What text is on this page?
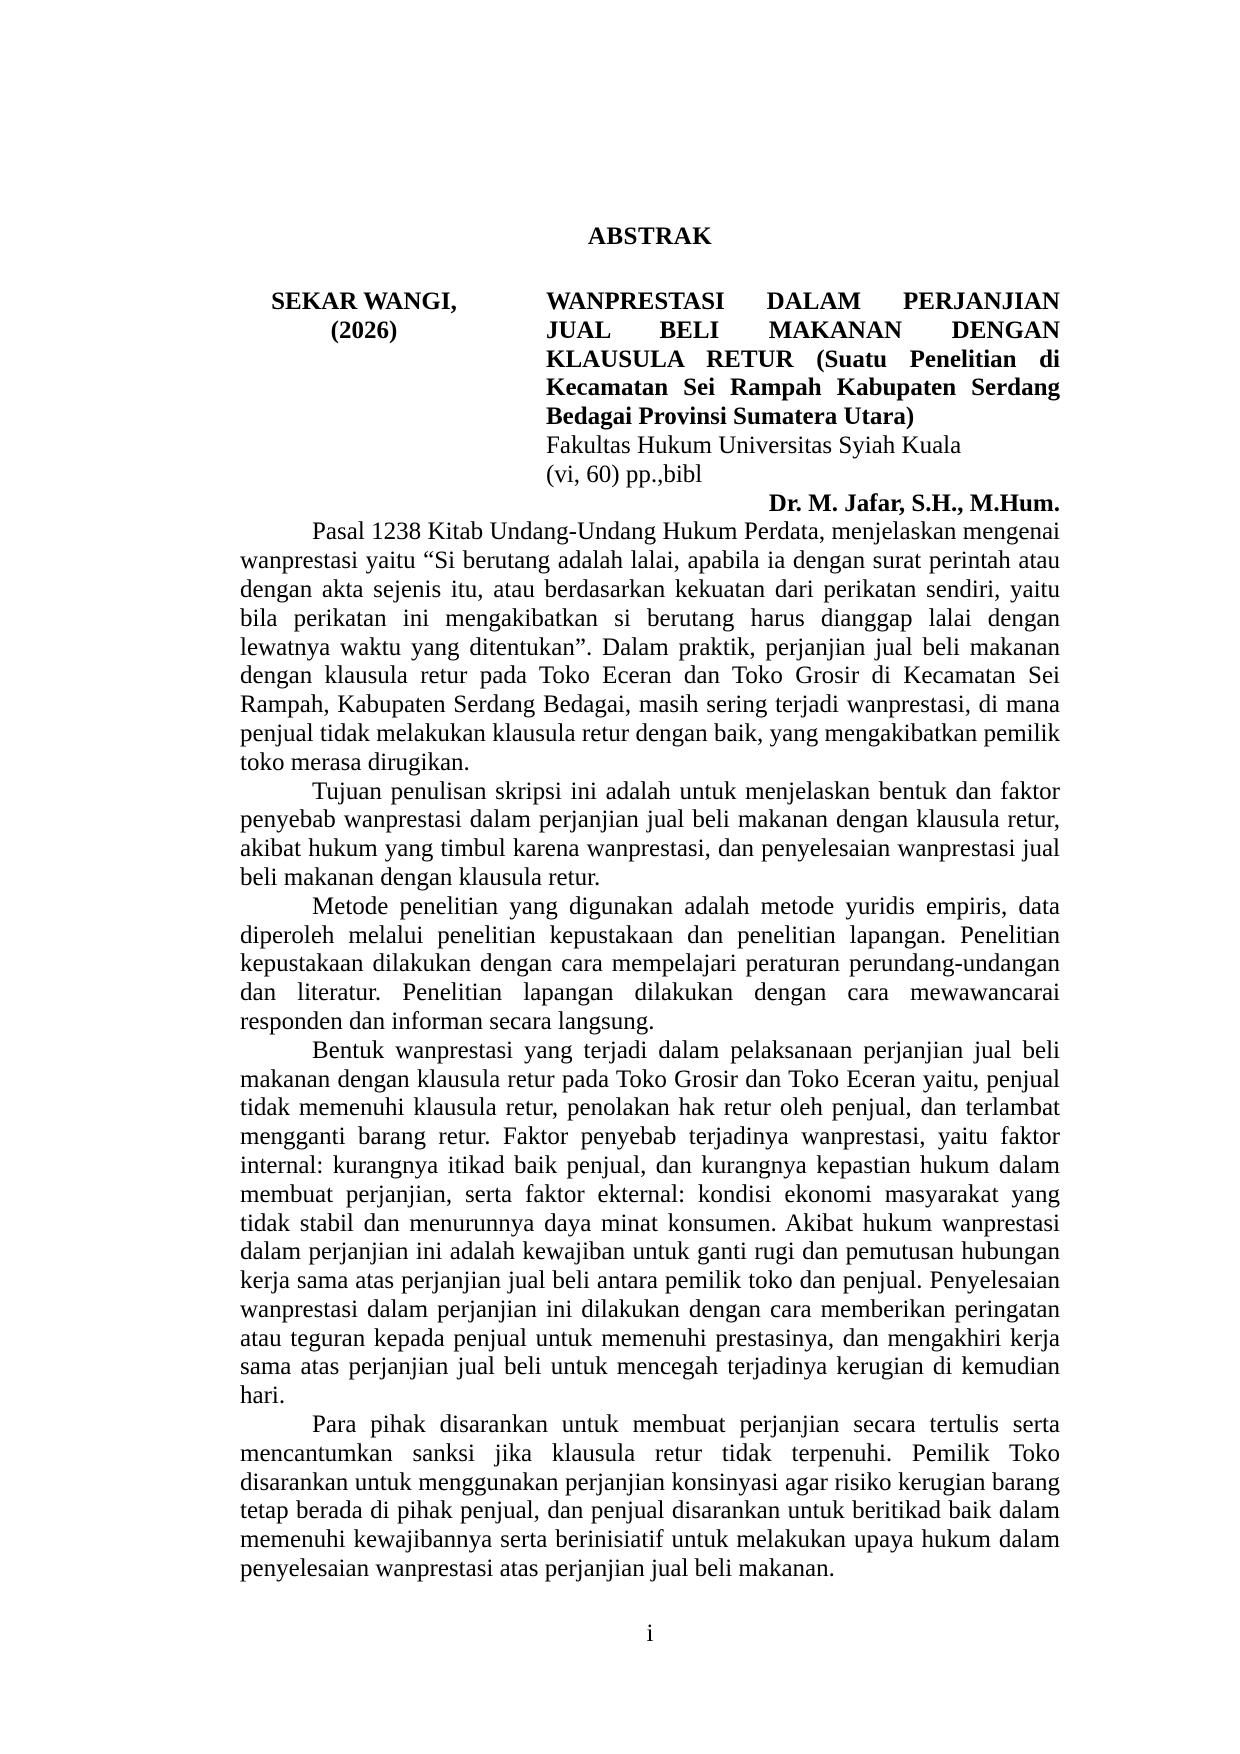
ABSTRAK
SEKAR WANGI,
(2026)
WANPRESTASI DALAM PERJANJIAN JUAL BELI MAKANAN DENGAN KLAUSULA RETUR (Suatu Penelitian di Kecamatan Sei Rampah Kabupaten Serdang Bedagai Provinsi Sumatera Utara)
Fakultas Hukum Universitas Syiah Kuala
(vi, 60) pp.,bibl
Dr. M. Jafar, S.H., M.Hum.

Pasal 1238 Kitab Undang-Undang Hukum Perdata, menjelaskan mengenai wanprestasi yaitu “Si berutang adalah lalai, apabila ia dengan surat perintah atau dengan akta sejenis itu, atau berdasarkan kekuatan dari perikatan sendiri, yaitu bila perikatan ini mengakibatkan si berutang harus dianggap lalai dengan lewatnya waktu yang ditentukan”. Dalam praktik, perjanjian jual beli makanan dengan klausula retur pada Toko Eceran dan Toko Grosir di Kecamatan Sei Rampah, Kabupaten Serdang Bedagai, masih sering terjadi wanprestasi, di mana penjual tidak melakukan klausula retur dengan baik, yang mengakibatkan pemilik toko merasa dirugikan.

Tujuan penulisan skripsi ini adalah untuk menjelaskan bentuk dan faktor penyebab wanprestasi dalam perjanjian jual beli makanan dengan klausula retur, akibat hukum yang timbul karena wanprestasi, dan penyelesaian wanprestasi jual beli makanan dengan klausula retur.

Metode penelitian yang digunakan adalah metode yuridis empiris, data diperoleh melalui penelitian kepustakaan dan penelitian lapangan. Penelitian kepustakaan dilakukan dengan cara mempelajari peraturan perundang-undangan dan literatur. Penelitian lapangan dilakukan dengan cara mewawancarai responden dan informan secara langsung.

Bentuk wanprestasi yang terjadi dalam pelaksanaan perjanjian jual beli makanan dengan klausula retur pada Toko Grosir dan Toko Eceran yaitu, penjual tidak memenuhi klausula retur, penolakan hak retur oleh penjual, dan terlambat mengganti barang retur. Faktor penyebab terjadinya wanprestasi, yaitu faktor internal: kurangnya itikad baik penjual, dan kurangnya kepastian hukum dalam membuat perjanjian, serta faktor ekternal: kondisi ekonomi masyarakat yang tidak stabil dan menurunnya daya minat konsumen. Akibat hukum wanprestasi dalam perjanjian ini adalah kewajiban untuk ganti rugi dan pemutusan hubungan kerja sama atas perjanjian jual beli antara pemilik toko dan penjual. Penyelesaian wanprestasi dalam perjanjian ini dilakukan dengan cara memberikan peringatan atau teguran kepada penjual untuk memenuhi prestasinya, dan mengakhiri kerja sama atas perjanjian jual beli untuk mencegah terjadinya kerugian di kemudian hari.

Para pihak disarankan untuk membuat perjanjian secara tertulis serta mencantumkan sanksi jika klausula retur tidak terpenuhi. Pemilik Toko disarankan untuk menggunakan perjanjian konsinyasi agar risiko kerugian barang tetap berada di pihak penjual, dan penjual disarankan untuk beritikad baik dalam memenuhi kewajibannya serta berinisiatif untuk melakukan upaya hukum dalam penyelesaian wanprestasi atas perjanjian jual beli makanan.

i
